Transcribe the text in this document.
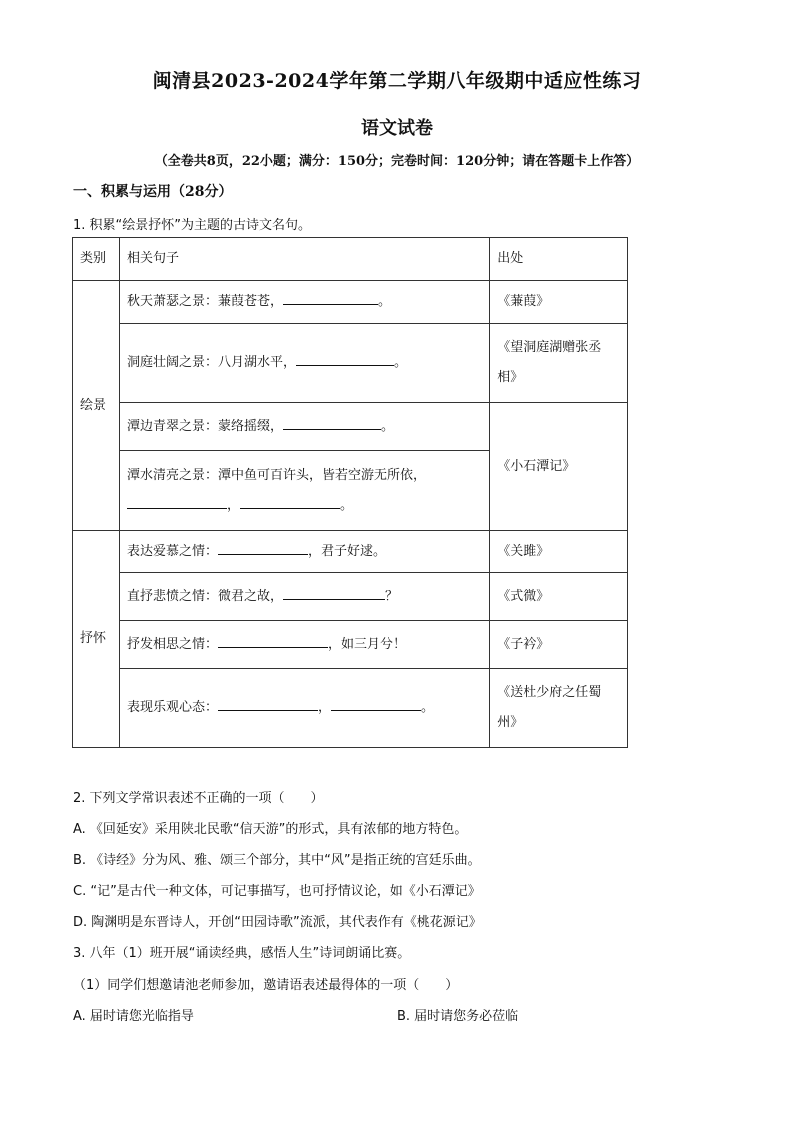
闽清县2023-2024学年第二学期八年级期中适应性练习
语文试卷
（全卷共8页，22小题；满分：150分；完卷时间：120分钟；请在答题卡上作答）
一、积累与运用（28分）
1. 积累“绘景抒怀”为主题的古诗文名句。
类别	相关句子	出处
绘景	秋天萧瑟之景：蒹葭苍苍， 。	《蒹葭》
	洞庭壮阔之景：八月湖水平， 。	《望洞庭湖赠张丞相》
	潭边青翠之景：蒙络摇缀， 。	《小石潭记》
	潭水清亮之景：潭中鱼可百许头，皆若空游无所依，
， 。	
抒怀	表达爱慕之情： ，君子好逑。	《关雎》
	直抒悲愤之情：微君之故， ？	《式微》
	抒发相思之情： ，如三月兮！	《子衿》
	表现乐观心态： ， 。	《送杜少府之任蜀州》
2. 下列文学常识表述不正确的一项（　　）
A. 《回延安》采用陕北民歌“信天游”的形式，具有浓郁的地方特色。
B. 《诗经》分为风、雅、颂三个部分，其中“风”是指正统的宫廷乐曲。
C. “记”是古代一种文体，可记事描写，也可抒情议论，如《小石潭记》
D. 陶渊明是东晋诗人，开创“田园诗歌”流派，其代表作有《桃花源记》
3. 八年（1）班开展“诵读经典，感悟人生”诗词朗诵比赛。
（1）同学们想邀请池老师参加，邀请语表述最得体的一项（　　）
A. 届时请您光临指导	B. 届时请您务必莅临
